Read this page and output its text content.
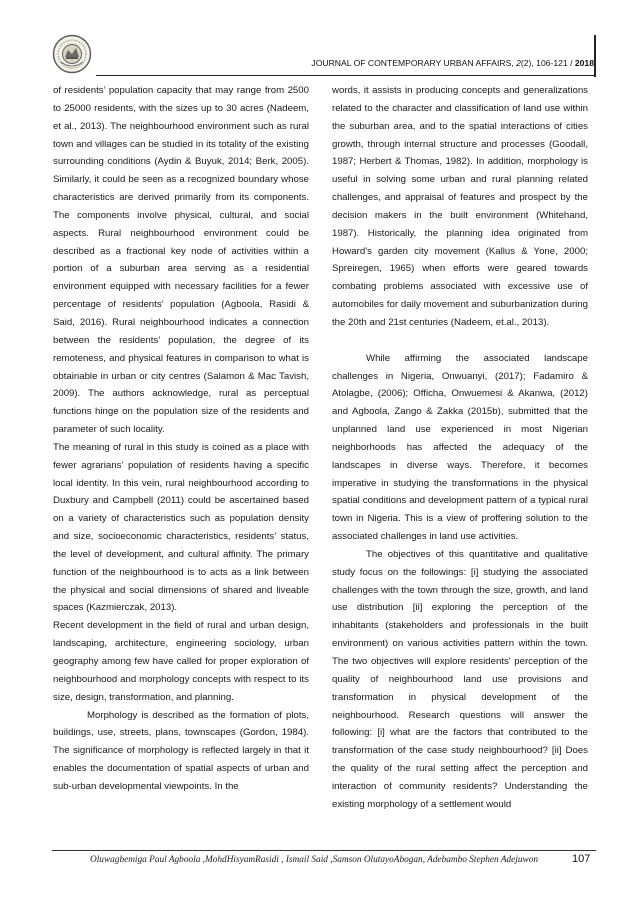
JOURNAL OF CONTEMPORARY URBAN AFFAIRS, 2(2), 106-121 / 2018

of residents’ population capacity that may range from 2500 to 25000 residents, with the sizes up to 30 acres (Nadeem, et al., 2013). The neighbourhood environment such as rural town and villages can be studied in its totality of the existing surrounding conditions (Aydin & Buyuk, 2014; Berk, 2005). Similarly, it could be seen as a recognized boundary whose characteristics are derived primarily from its components. The components involve physical, cultural, and social aspects. Rural neighbourhood environment could be described as a fractional key node of activities within a portion of a suburban area serving as a residential environment equipped with necessary facilities for a fewer percentage of residents’ population (Agboola, Rasidi & Said, 2016). Rural neighbourhood indicates a connection between the residents’ population, the degree of its remoteness, and physical features in comparison to what is obtainable in urban or city centres (Salamon & Mac Tavish, 2009). The authors acknowledge, rural as perceptual functions hinge on the population size of the residents and parameter of such locality.

The meaning of rural in this study is coined as a place with fewer agrarians’ population of residents having a specific local identity. In this vein, rural neighbourhood according to Duxbury and Campbell (2011) could be ascertained based on a variety of characteristics such as population density and size, socioeconomic characteristics, residents’ status, the level of development, and cultural affinity. The primary function of the neighbourhood is to acts as a link between the physical and social dimensions of shared and liveable spaces (Kazmierczak, 2013).

Recent development in the field of rural and urban design, landscaping, architecture, engineering sociology, urban geography among few have called for proper exploration of neighbourhood and morphology concepts with respect to its size, design, transformation, and planning.

Morphology is described as the formation of plots, buildings, use, streets, plans, townscapes (Gordon, 1984). The significance of morphology is reflected largely in that it enables the documentation of spatial aspects of urban and sub-urban developmental viewpoints. In the

words, it assists in producing concepts and generalizations related to the character and classification of land use within the suburban area, and to the spatial interactions of cities growth, through internal structure and processes (Goodall, 1987; Herbert & Thomas, 1982). In addition, morphology is useful in solving some urban and rural planning related challenges, and appraisal of features and prospect by the decision makers in the built environment (Whitehand, 1987). Historically, the planning idea originated from Howard’s garden city movement (Kallus & Yone, 2000; Spreiregen, 1965) when efforts were geared towards combating problems associated with excessive use of automobiles for daily movement and suburbanization during the 20th and 21st centuries (Nadeem, et.al., 2013).

While affirming the associated landscape challenges in Nigeria, Onwuanyi, (2017); Fadamiro & Atolagbe, (2006); Officha, Onwuemesi & Akanwa, (2012) and Agboola, Zango & Zakka (2015b), submitted that the unplanned land use experienced in most Nigerian neighborhoods has affected the adequacy of the landscapes in diverse ways. Therefore, it becomes imperative in studying the transformations in the physical spatial conditions and development pattern of a typical rural town in Nigeria. This is a view of proffering solution to the associated challenges in land use activities.

The objectives of this quantitative and qualitative study focus on the followings: [i] studying the associated challenges with the town through the size, growth, and land use distribution [ii] exploring the perception of the inhabitants (stakeholders and professionals in the built environment) on various activities pattern within the town. The two objectives will explore residents’ perception of the quality of neighbourhood land use provisions and transformation in physical development of the neighbourhood. Research questions will answer the following: [i] what are the factors that contributed to the transformation of the case study neighbourhood? [ii] Does the quality of the rural setting affect the perception and interaction of community residents? Understanding the existing morphology of a settlement would

Oluwagbemiga Paul Agboola ,MohdHisyamRasidi , Ismail Said ,Samson OlutayoAbogan, Adebambo Stephen Adejuwon	107
